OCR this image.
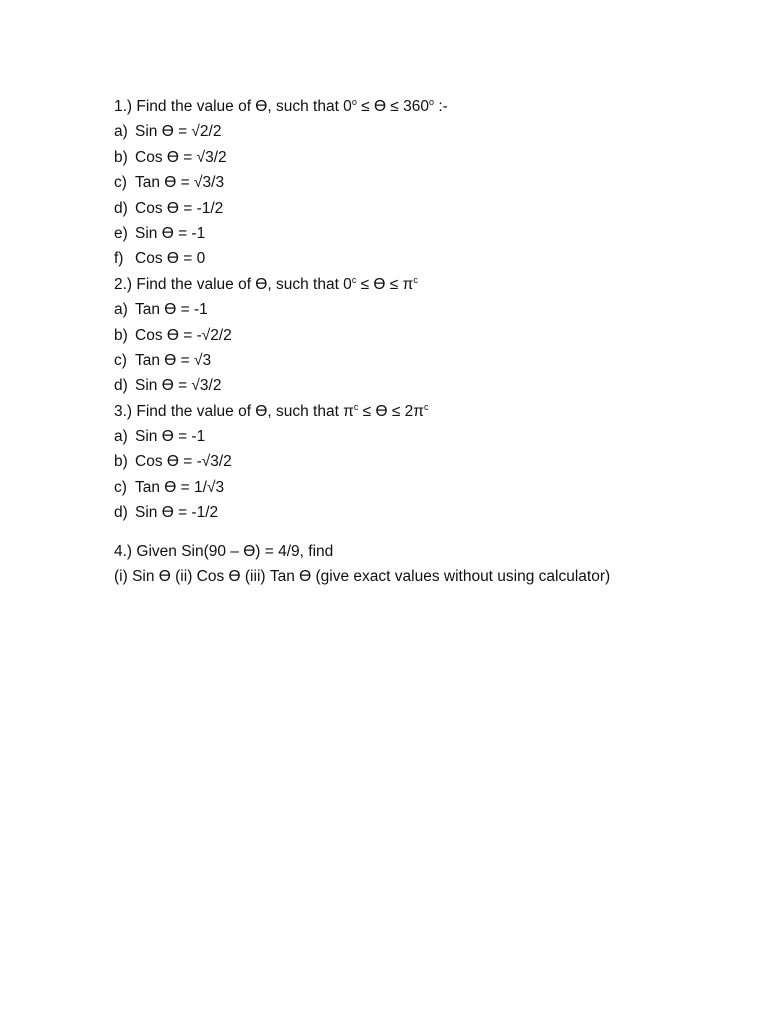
1.) Find the value of ϴ, such that $0^o \le ϴ \le 360^o$ :-
a) Sin ϴ = √2/2
b) Cos ϴ = √3/2
c) Tan ϴ = √3/3
d) Cos ϴ = -1/2
e) Sin ϴ = -1
f) Cos ϴ = 0
2.) Find the value of ϴ, such that $0^c \le ϴ \le \pi^c$
a) Tan ϴ = -1
b) Cos ϴ = -√2/2
c) Tan ϴ = √3
d) Sin ϴ = √3/2
3.) Find the value of ϴ, such that $\pi^c \le ϴ \le 2\pi^c$
a) Sin ϴ = -1
b) Cos ϴ = -√3/2
c) Tan ϴ = 1/√3
d) Sin ϴ = -1/2
4.) Given Sin(90 – ϴ) = 4/9, find
(i) Sin ϴ (ii) Cos ϴ (iii) Tan ϴ (give exact values without using calculator)
